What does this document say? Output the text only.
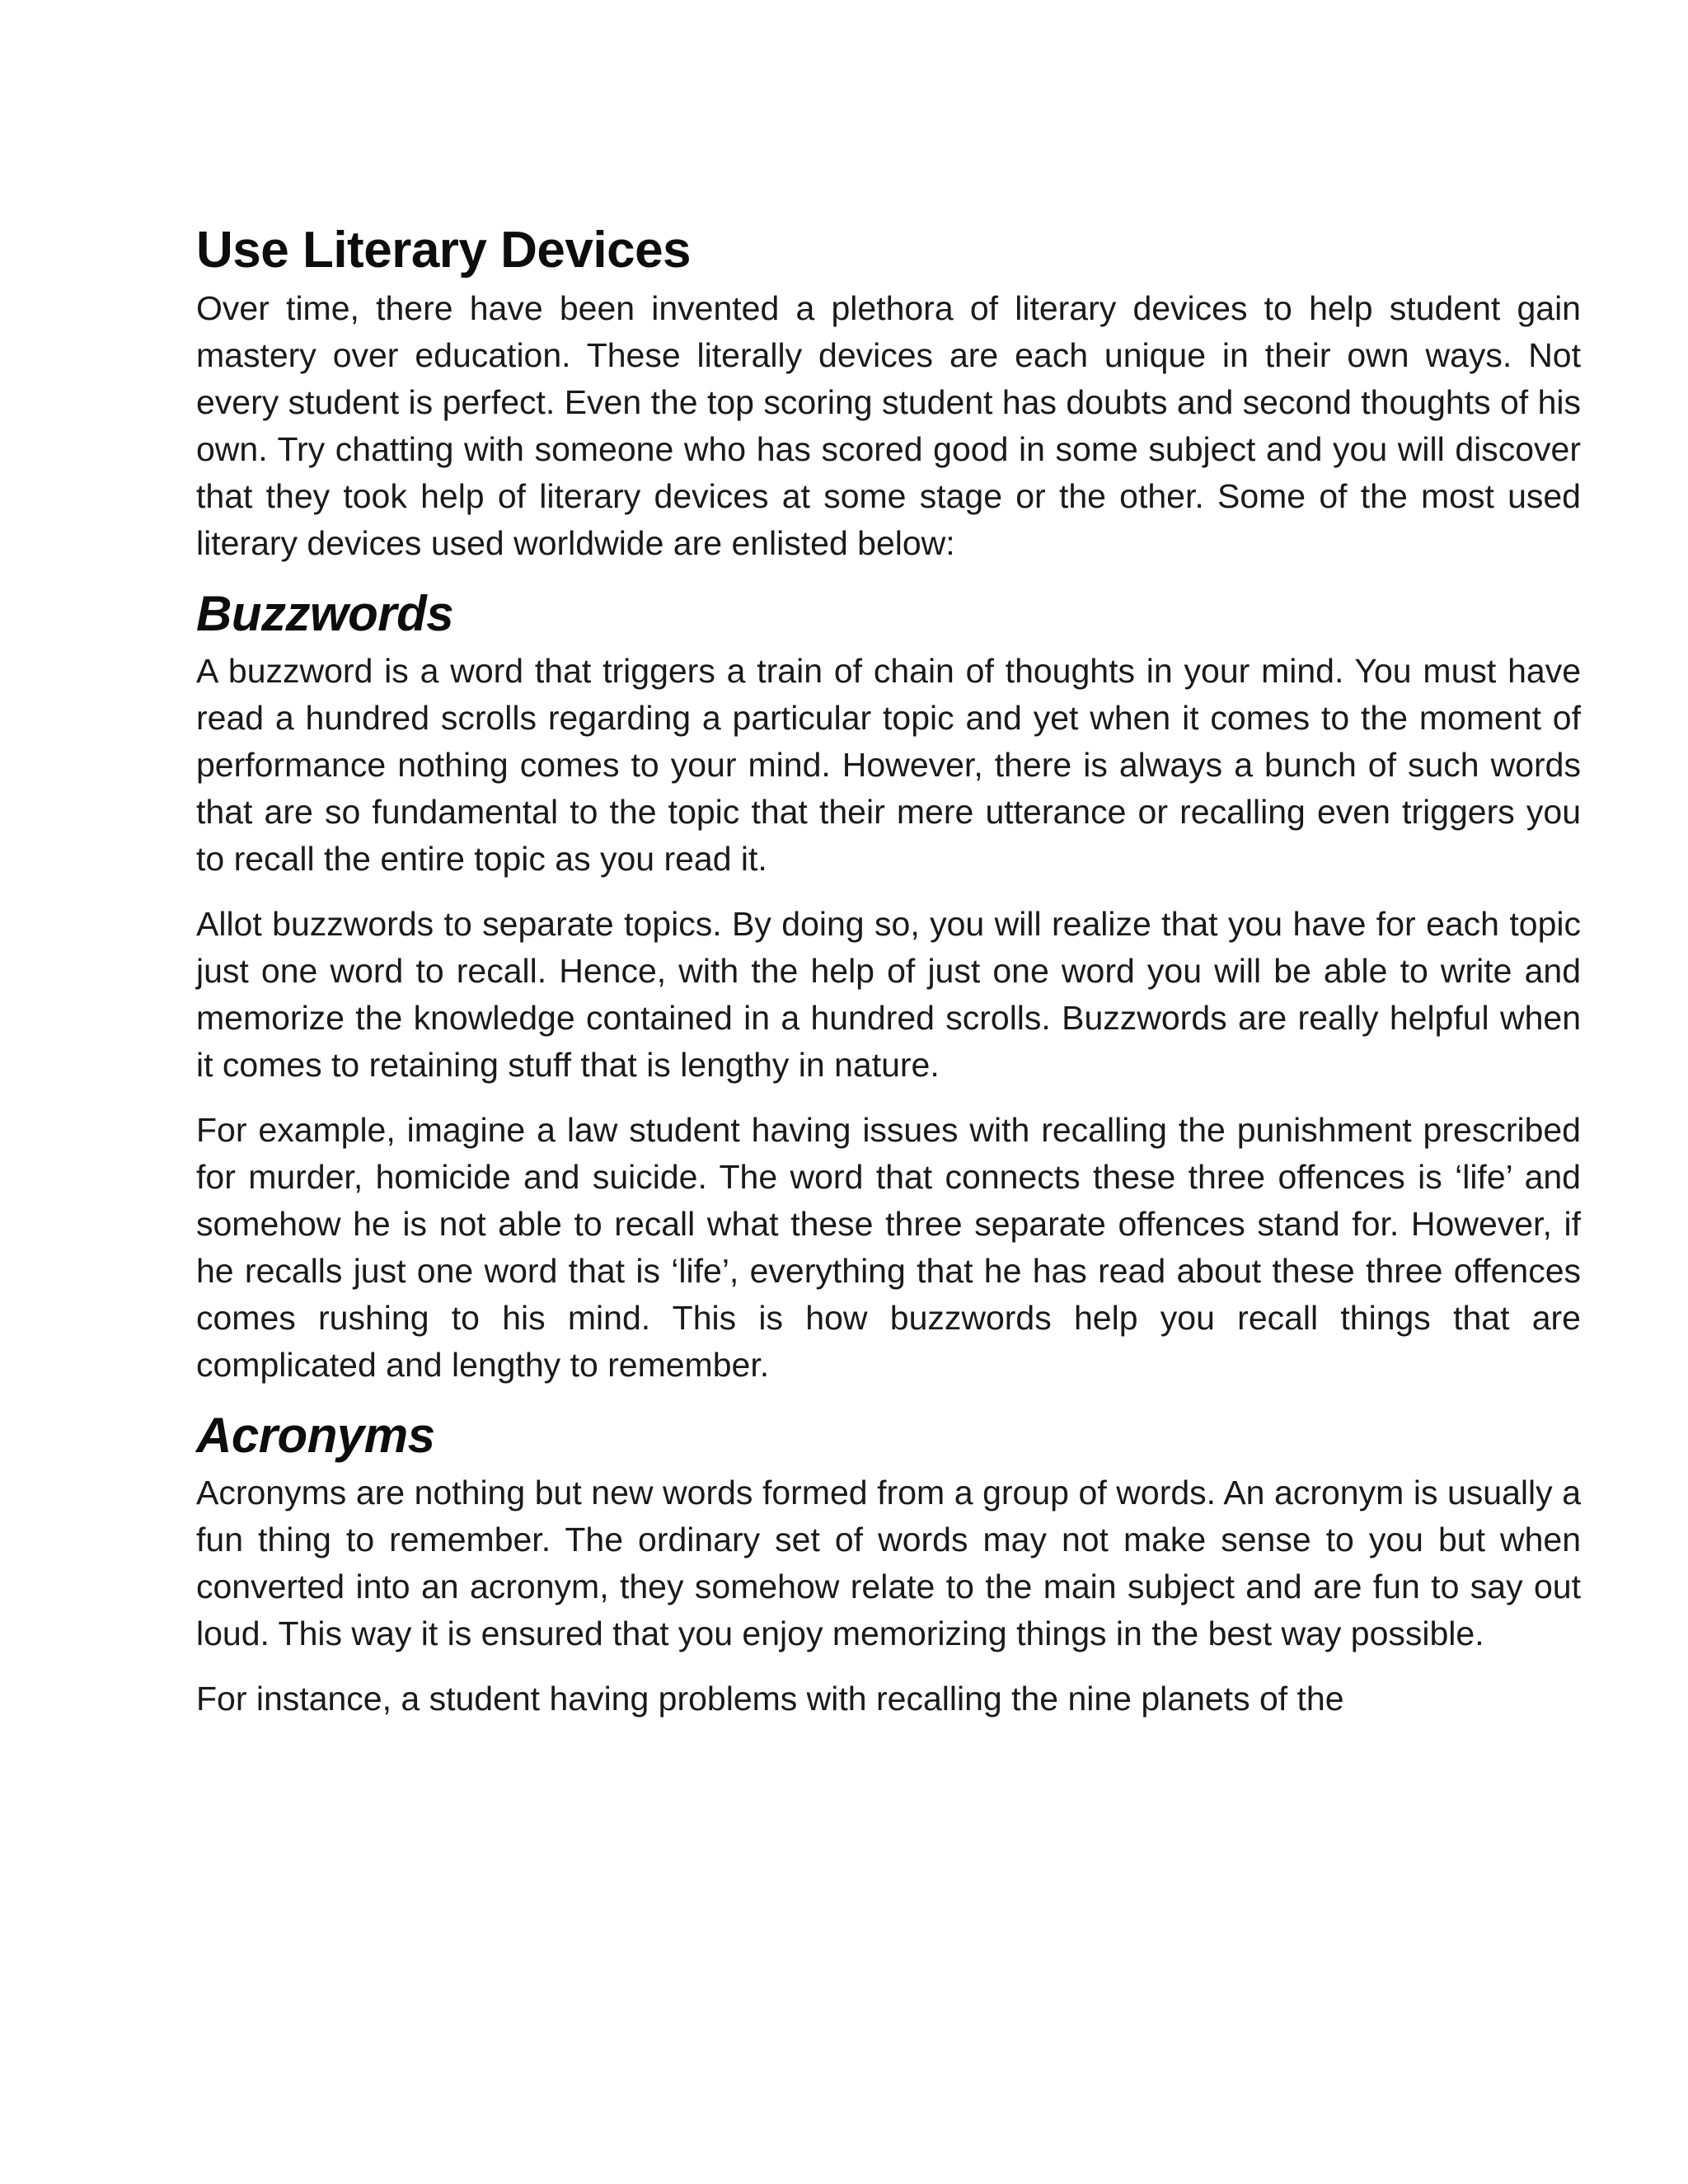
Use Literary Devices

Over time, there have been invented a plethora of literary devices to help student gain mastery over education. These literally devices are each unique in their own ways. Not every student is perfect. Even the top scoring student has doubts and second thoughts of his own. Try chatting with someone who has scored good in some subject and you will discover that they took help of literary devices at some stage or the other. Some of the most used literary devices used worldwide are enlisted below:

Buzzwords

A buzzword is a word that triggers a train of chain of thoughts in your mind. You must have read a hundred scrolls regarding a particular topic and yet when it comes to the moment of performance nothing comes to your mind. However, there is always a bunch of such words that are so fundamental to the topic that their mere utterance or recalling even triggers you to recall the entire topic as you read it.

Allot buzzwords to separate topics. By doing so, you will realize that you have for each topic just one word to recall. Hence, with the help of just one word you will be able to write and memorize the knowledge contained in a hundred scrolls. Buzzwords are really helpful when it comes to retaining stuff that is lengthy in nature.

For example, imagine a law student having issues with recalling the punishment prescribed for murder, homicide and suicide. The word that connects these three offences is ‘life’ and somehow he is not able to recall what these three separate offences stand for. However, if he recalls just one word that is ‘life’, everything that he has read about these three offences comes rushing to his mind. This is how buzzwords help you recall things that are complicated and lengthy to remember.

Acronyms

Acronyms are nothing but new words formed from a group of words. An acronym is usually a fun thing to remember. The ordinary set of words may not make sense to you but when converted into an acronym, they somehow relate to the main subject and are fun to say out loud. This way it is ensured that you enjoy memorizing things in the best way possible.

For instance, a student having problems with recalling the nine planets of the
